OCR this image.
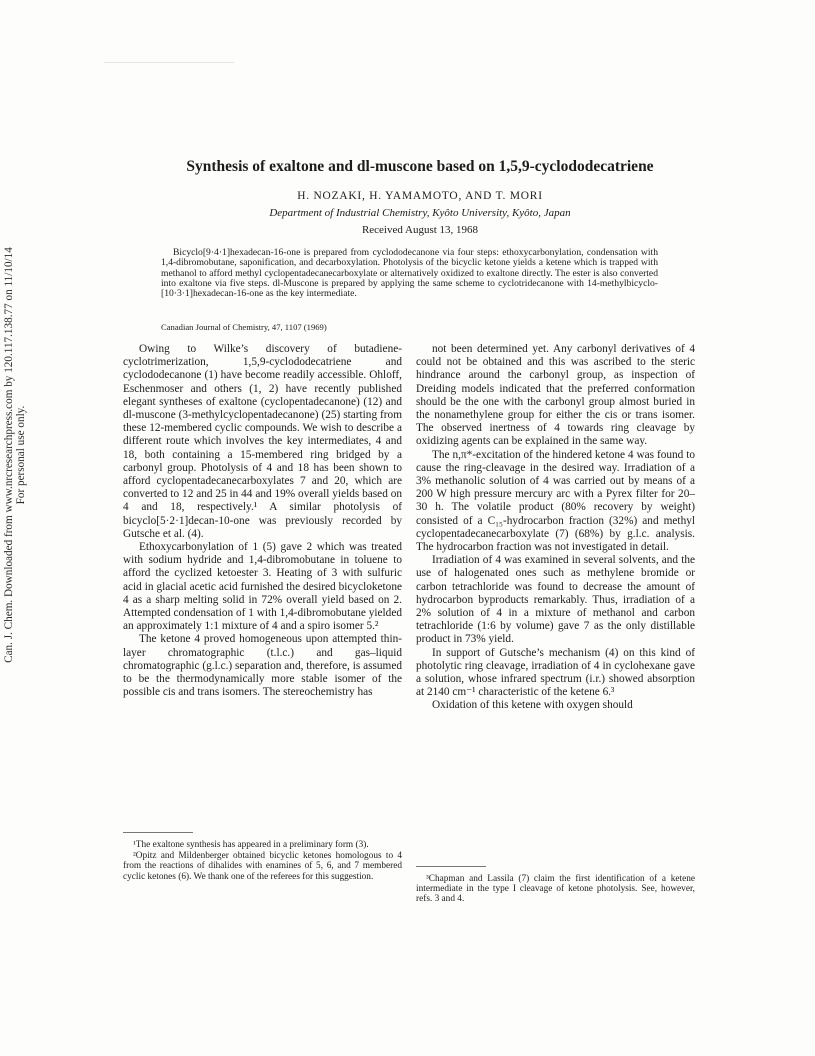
Can. J. Chem. Downloaded from www.nrcresearchpress.com by 120.117.138.77 on 11/10/14 For personal use only.
Synthesis of exaltone and dl-muscone based on 1,5,9-cyclododecatriene
H. NOZAKI, H. YAMAMOTO, AND T. MORI
Department of Industrial Chemistry, Kyôto University, Kyôto, Japan
Received August 13, 1968
Bicyclo[9·4·1]hexadecan-16-one is prepared from cyclododecanone via four steps: ethoxycarbonylation, condensation with 1,4-dibromobutane, saponification, and decarboxylation. Photolysis of the bicyclic ketone yields a ketene which is trapped with methanol to afford methyl cyclopentadecanecarboxylate or alternatively oxidized to exaltone directly. The ester is also converted into exaltone via five steps. dl-Muscone is prepared by applying the same scheme to cyclotridecanone with 14-methylbicyclo-[10·3·1]hexadecan-16-one as the key intermediate.
Canadian Journal of Chemistry, 47, 1107 (1969)

Owing to Wilke’s discovery of butadiene-cyclotrimerization, 1,5,9-cyclododecatriene and cyclododecanone (1) have become readily accessible. Ohloff, Eschenmoser and others (1, 2) have recently published elegant syntheses of exaltone (cyclopentadecanone) (12) and dl-muscone (3-methylcyclopentadecanone) (25) starting from these 12-membered cyclic compounds. We wish to describe a different route which involves the key intermediates, 4 and 18, both containing a 15-membered ring bridged by a carbonyl group. Photolysis of 4 and 18 has been shown to afford cyclopentadecanecarboxylates 7 and 20, which are converted to 12 and 25 in 44 and 19% overall yields based on 4 and 18, respectively.¹ A similar photolysis of bicyclo[5·2·1]decan-10-one was previously recorded by Gutsche et al. (4).

Ethoxycarbonylation of 1 (5) gave 2 which was treated with sodium hydride and 1,4-dibromobutane in toluene to afford the cyclized ketoester 3. Heating of 3 with sulfuric acid in glacial acetic acid furnished the desired bicycloketone 4 as a sharp melting solid in 72% overall yield based on 2. Attempted condensation of 1 with 1,4-dibromobutane yielded an approximately 1:1 mixture of 4 and a spiro isomer 5.²

The ketone 4 proved homogeneous upon attempted thin-layer chromatographic (t.l.c.) and gas–liquid chromatographic (g.l.c.) separation and, therefore, is assumed to be the thermodynamically more stable isomer of the possible cis and trans isomers. The stereochemistry has

not been determined yet. Any carbonyl derivatives of 4 could not be obtained and this was ascribed to the steric hindrance around the carbonyl group, as inspection of Dreiding models indicated that the preferred conformation should be the one with the carbonyl group almost buried in the nonamethylene group for either the cis or trans isomer. The observed inertness of 4 towards ring cleavage by oxidizing agents can be explained in the same way.

The n,π*-excitation of the hindered ketone 4 was found to cause the ring-cleavage in the desired way. Irradiation of a 3% methanolic solution of 4 was carried out by means of a 200 W high pressure mercury arc with a Pyrex filter for 20–30 h. The volatile product (80% recovery by weight) consisted of a C₁₅-hydrocarbon fraction (32%) and methyl cyclopentadecanecarboxylate (7) (68%) by g.l.c. analysis. The hydrocarbon fraction was not investigated in detail.

Irradiation of 4 was examined in several solvents, and the use of halogenated ones such as methylene bromide or carbon tetrachloride was found to decrease the amount of hydrocarbon byproducts remarkably. Thus, irradiation of a 2% solution of 4 in a mixture of methanol and carbon tetrachloride (1:6 by volume) gave 7 as the only distillable product in 73% yield.

In support of Gutsche’s mechanism (4) on this kind of photolytic ring cleavage, irradiation of 4 in cyclohexane gave a solution, whose infrared spectrum (i.r.) showed absorption at 2140 cm⁻¹ characteristic of the ketene 6.³

Oxidation of this ketene with oxygen should

¹The exaltone synthesis has appeared in a preliminary form (3).

²Opitz and Mildenberger obtained bicyclic ketones homologous to 4 from the reactions of dihalides with enamines of 5, 6, and 7 membered cyclic ketones (6). We thank one of the referees for this suggestion.	³Chapman and Lassila (7) claim the first identification of a ketene intermediate in the type I cleavage of ketone photolysis. See, however, refs. 3 and 4.
